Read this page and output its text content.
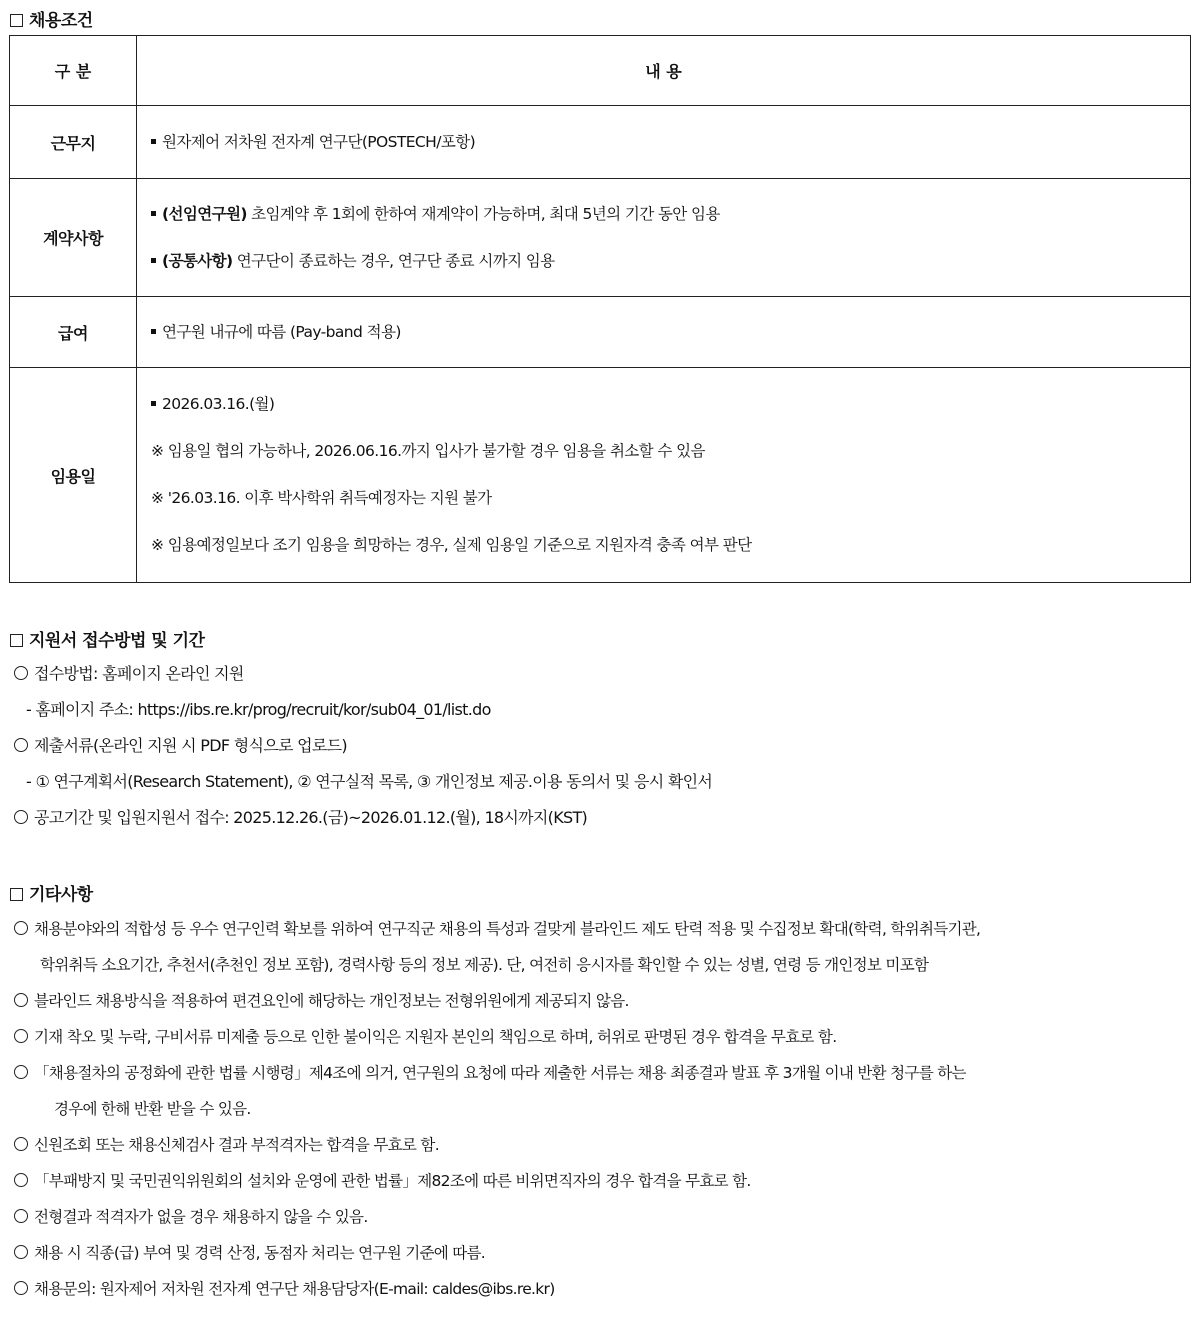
채용조건
구 분	내 용
근무지	원자제어 저차원 전자계 연구단(POSTECH/포항)

계약사항	(선임연구원) 초임계약 후 1회에 한하여 재계약이 가능하며, 최대 5년의 기간 동안 임용
(공통사항) 연구단이 종료하는 경우, 연구단 종료 시까지 임용

급여	연구원 내규에 따름 (Pay-band 적용)

임용일	2026.03.16.(월)
※ 임용일 협의 가능하나, 2026.06.16.까지 입사가 불가할 경우 임용을 취소할 수 있음
※ '26.03.16. 이후 박사학위 취득예정자는 지원 불가
※ 임용예정일보다 조기 임용을 희망하는 경우, 실제 임용일 기준으로 지원자격 충족 여부 판단
지원서 접수방법 및 기간
접수방법: 홈페이지 온라인 지원
- 홈페이지 주소: https://ibs.re.kr/prog/recruit/kor/sub04_01/list.do
제출서류(온라인 지원 시 PDF 형식으로 업로드)
- ① 연구계획서(Research Statement), ② 연구실적 목록, ③ 개인정보 제공.이용 동의서 및 응시 확인서
공고기간 및 입원지원서 접수: 2025.12.26.(금)~2026.01.12.(월), 18시까지(KST)
기타사항
채용분야와의 적합성 등 우수 연구인력 확보를 위하여 연구직군 채용의 특성과 걸맞게 블라인드 제도 탄력 적용 및 수집정보 확대(학력, 학위취득기관,
학위취득 소요기간, 추천서(추천인 정보 포함), 경력사항 등의 정보 제공). 단, 여전히 응시자를 확인할 수 있는 성별, 연령 등 개인정보 미포함
블라인드 채용방식을 적용하여 편견요인에 해당하는 개인정보는 전형위원에게 제공되지 않음.
기재 착오 및 누락, 구비서류 미제출 등으로 인한 불이익은 지원자 본인의 책임으로 하며, 허위로 판명된 경우 합격을 무효로 함.
「채용절차의 공정화에 관한 법률 시행령」제4조에 의거, 연구원의 요청에 따라 제출한 서류는 채용 최종결과 발표 후 3개월 이내 반환 청구를 하는
경우에 한해 반환 받을 수 있음.
신원조회 또는 채용신체검사 결과 부적격자는 합격을 무효로 함.
「부패방지 및 국민권익위원회의 설치와 운영에 관한 법률」제82조에 따른 비위면직자의 경우 합격을 무효로 함.
전형결과 적격자가 없을 경우 채용하지 않을 수 있음.
채용 시 직종(급) 부여 및 경력 산정, 동점자 처리는 연구원 기준에 따름.
채용문의: 원자제어 저차원 전자계 연구단 채용담당자(E-mail: caldes@ibs.re.kr)
